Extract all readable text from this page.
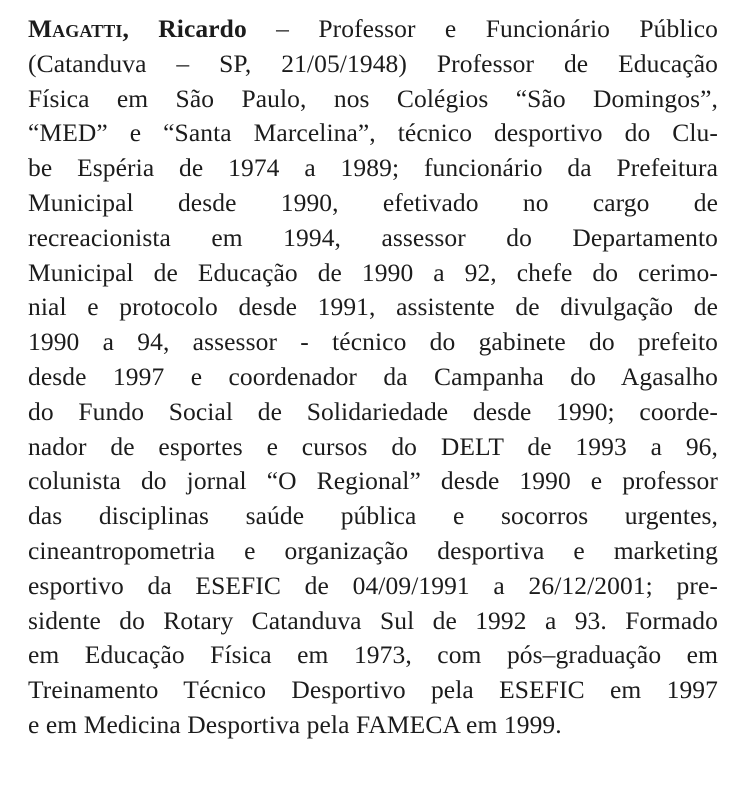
Magatti, Ricardo – Professor e Funcionário Público
(Catanduva – SP, 21/05/1948) Professor de Educação
Física em São Paulo, nos Colégios “São Domingos”,
“MED” e “Santa Marcelina”, técnico desportivo do Clu-
be Espéria de 1974 a 1989; funcionário da Prefeitura
Municipal desde 1990, efetivado no cargo de
recreacionista em 1994, assessor do Departamento
Municipal de Educação de 1990 a 92, chefe do cerimo-
nial e protocolo desde 1991, assistente de divulgação de
1990 a 94, assessor - técnico do gabinete do prefeito
desde 1997 e coordenador da Campanha do Agasalho
do Fundo Social de Solidariedade desde 1990; coorde-
nador de esportes e cursos do DELT de 1993 a 96,
colunista do jornal “O Regional” desde 1990 e professor
das disciplinas saúde pública e socorros urgentes,
cineantropometria e organização desportiva e marketing
esportivo da ESEFIC de 04/09/1991 a 26/12/2001; pre-
sidente do Rotary Catanduva Sul de 1992 a 93. Formado
em Educação Física em 1973, com pós–graduação em
Treinamento Técnico Desportivo pela ESEFIC em 1997
e em Medicina Desportiva pela FAMECA em 1999.
